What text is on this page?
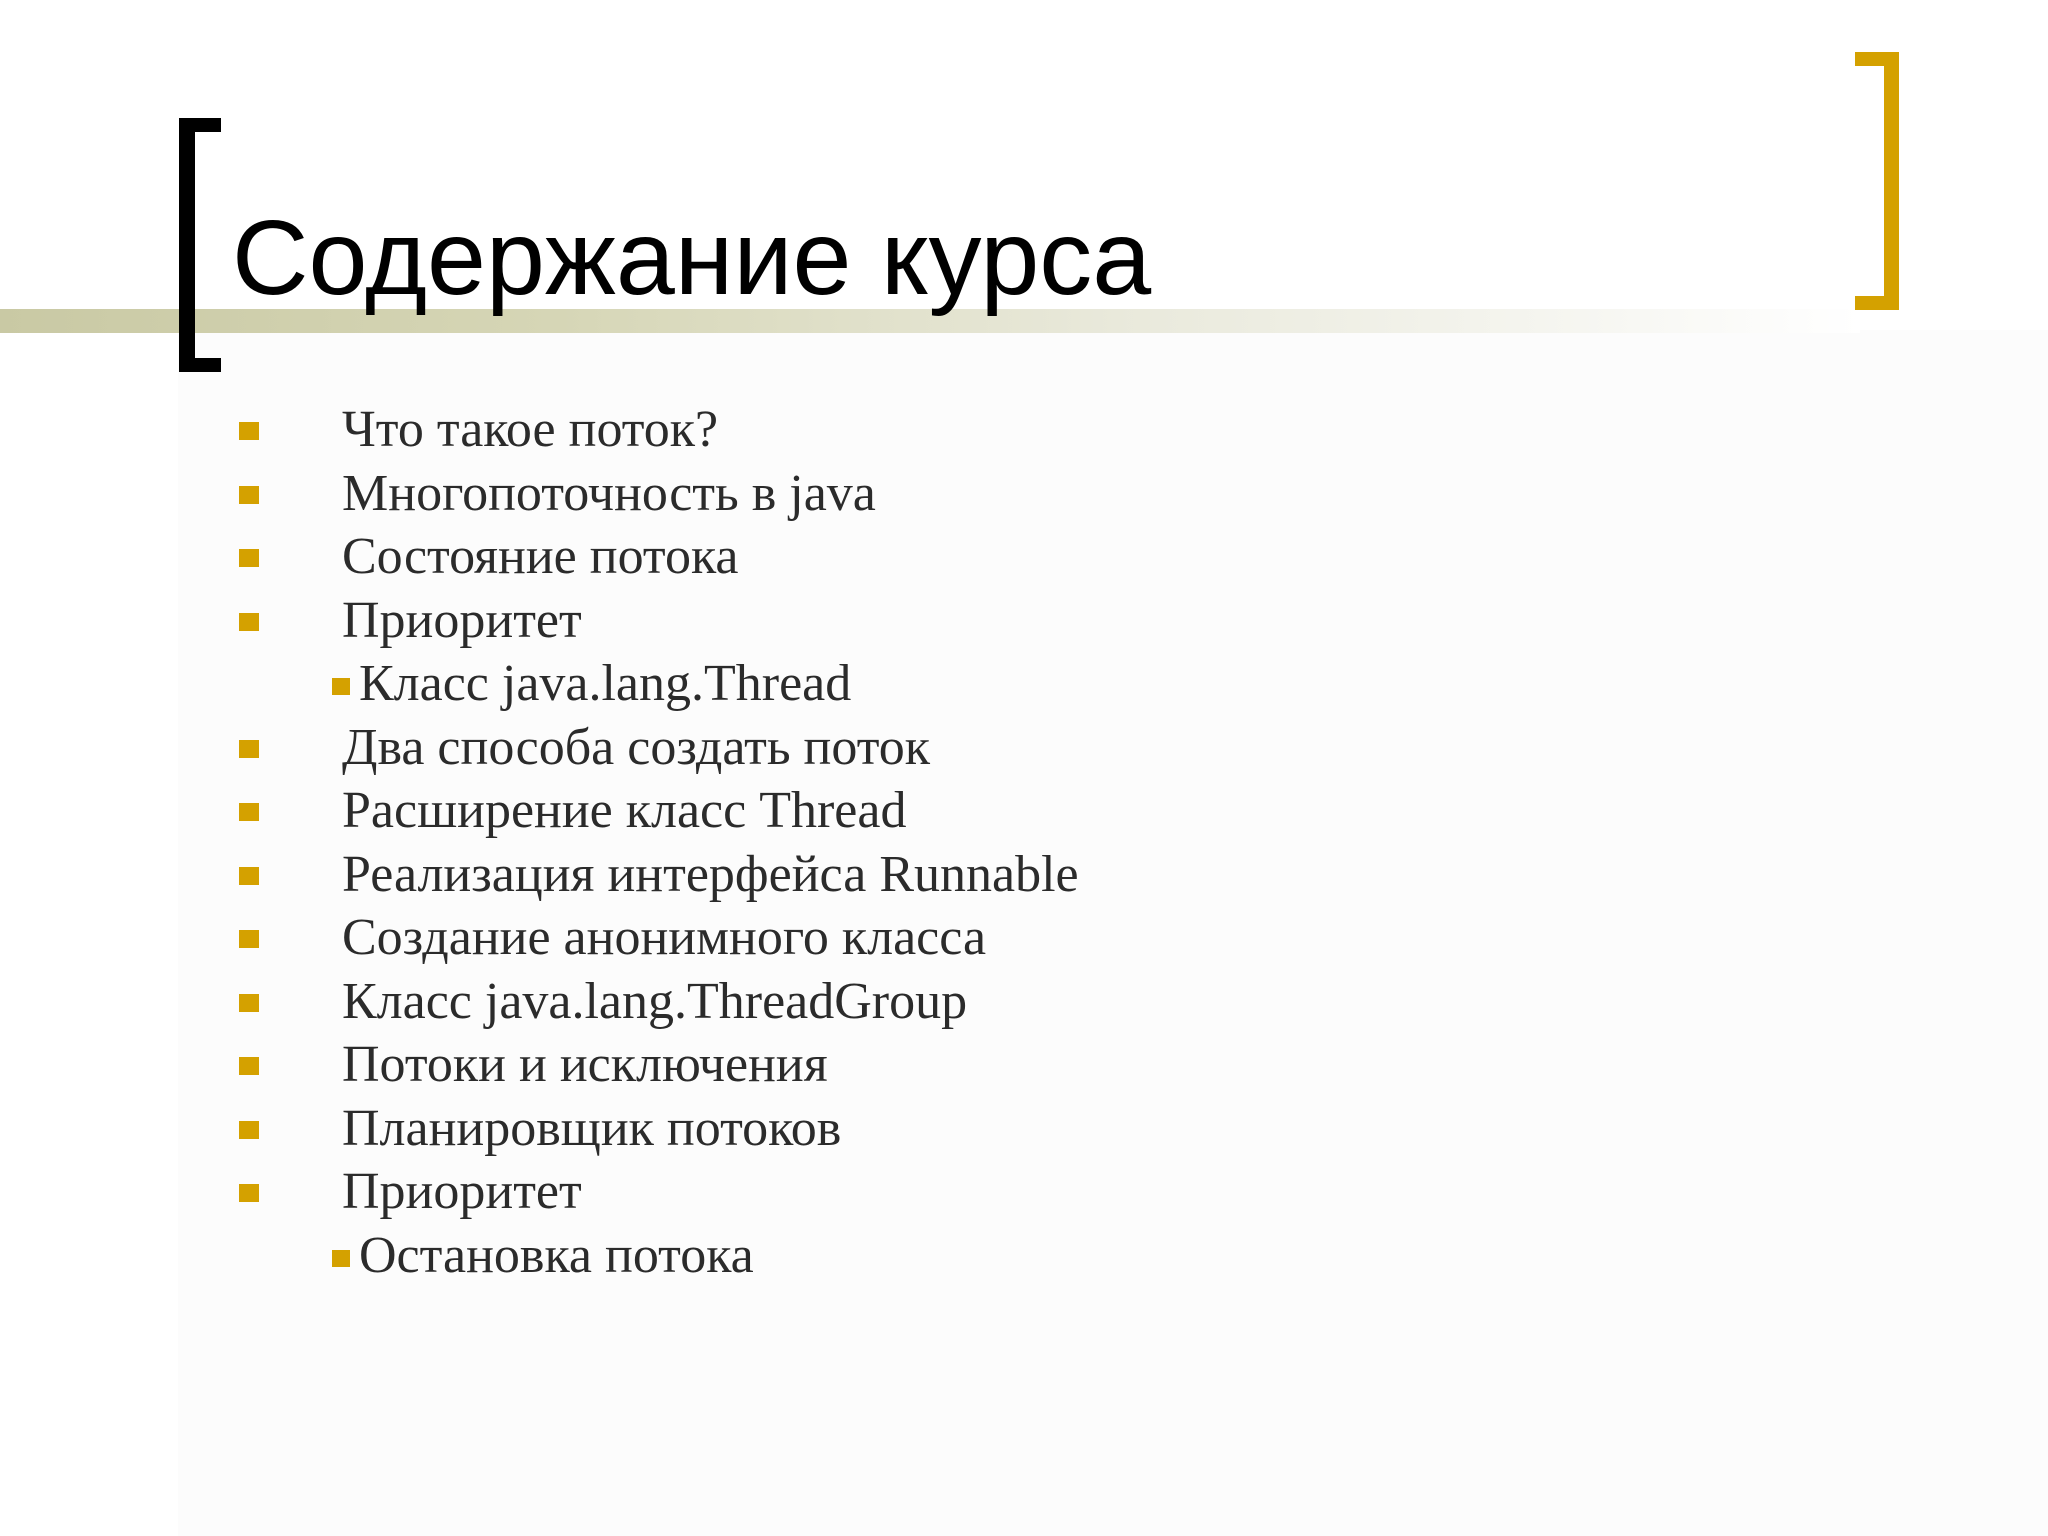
Содержание курса
Что такое поток?
Многопоточность в java
Состояние потока
Приоритет
Класс java.lang.Thread
Два способа создать поток
Расширение класс Thread
Реализация интерфейса Runnable
Создание анонимного класса
Класс java.lang.ThreadGroup
Потоки и исключения
Планировщик потоков
Приоритет
Остановка потока
